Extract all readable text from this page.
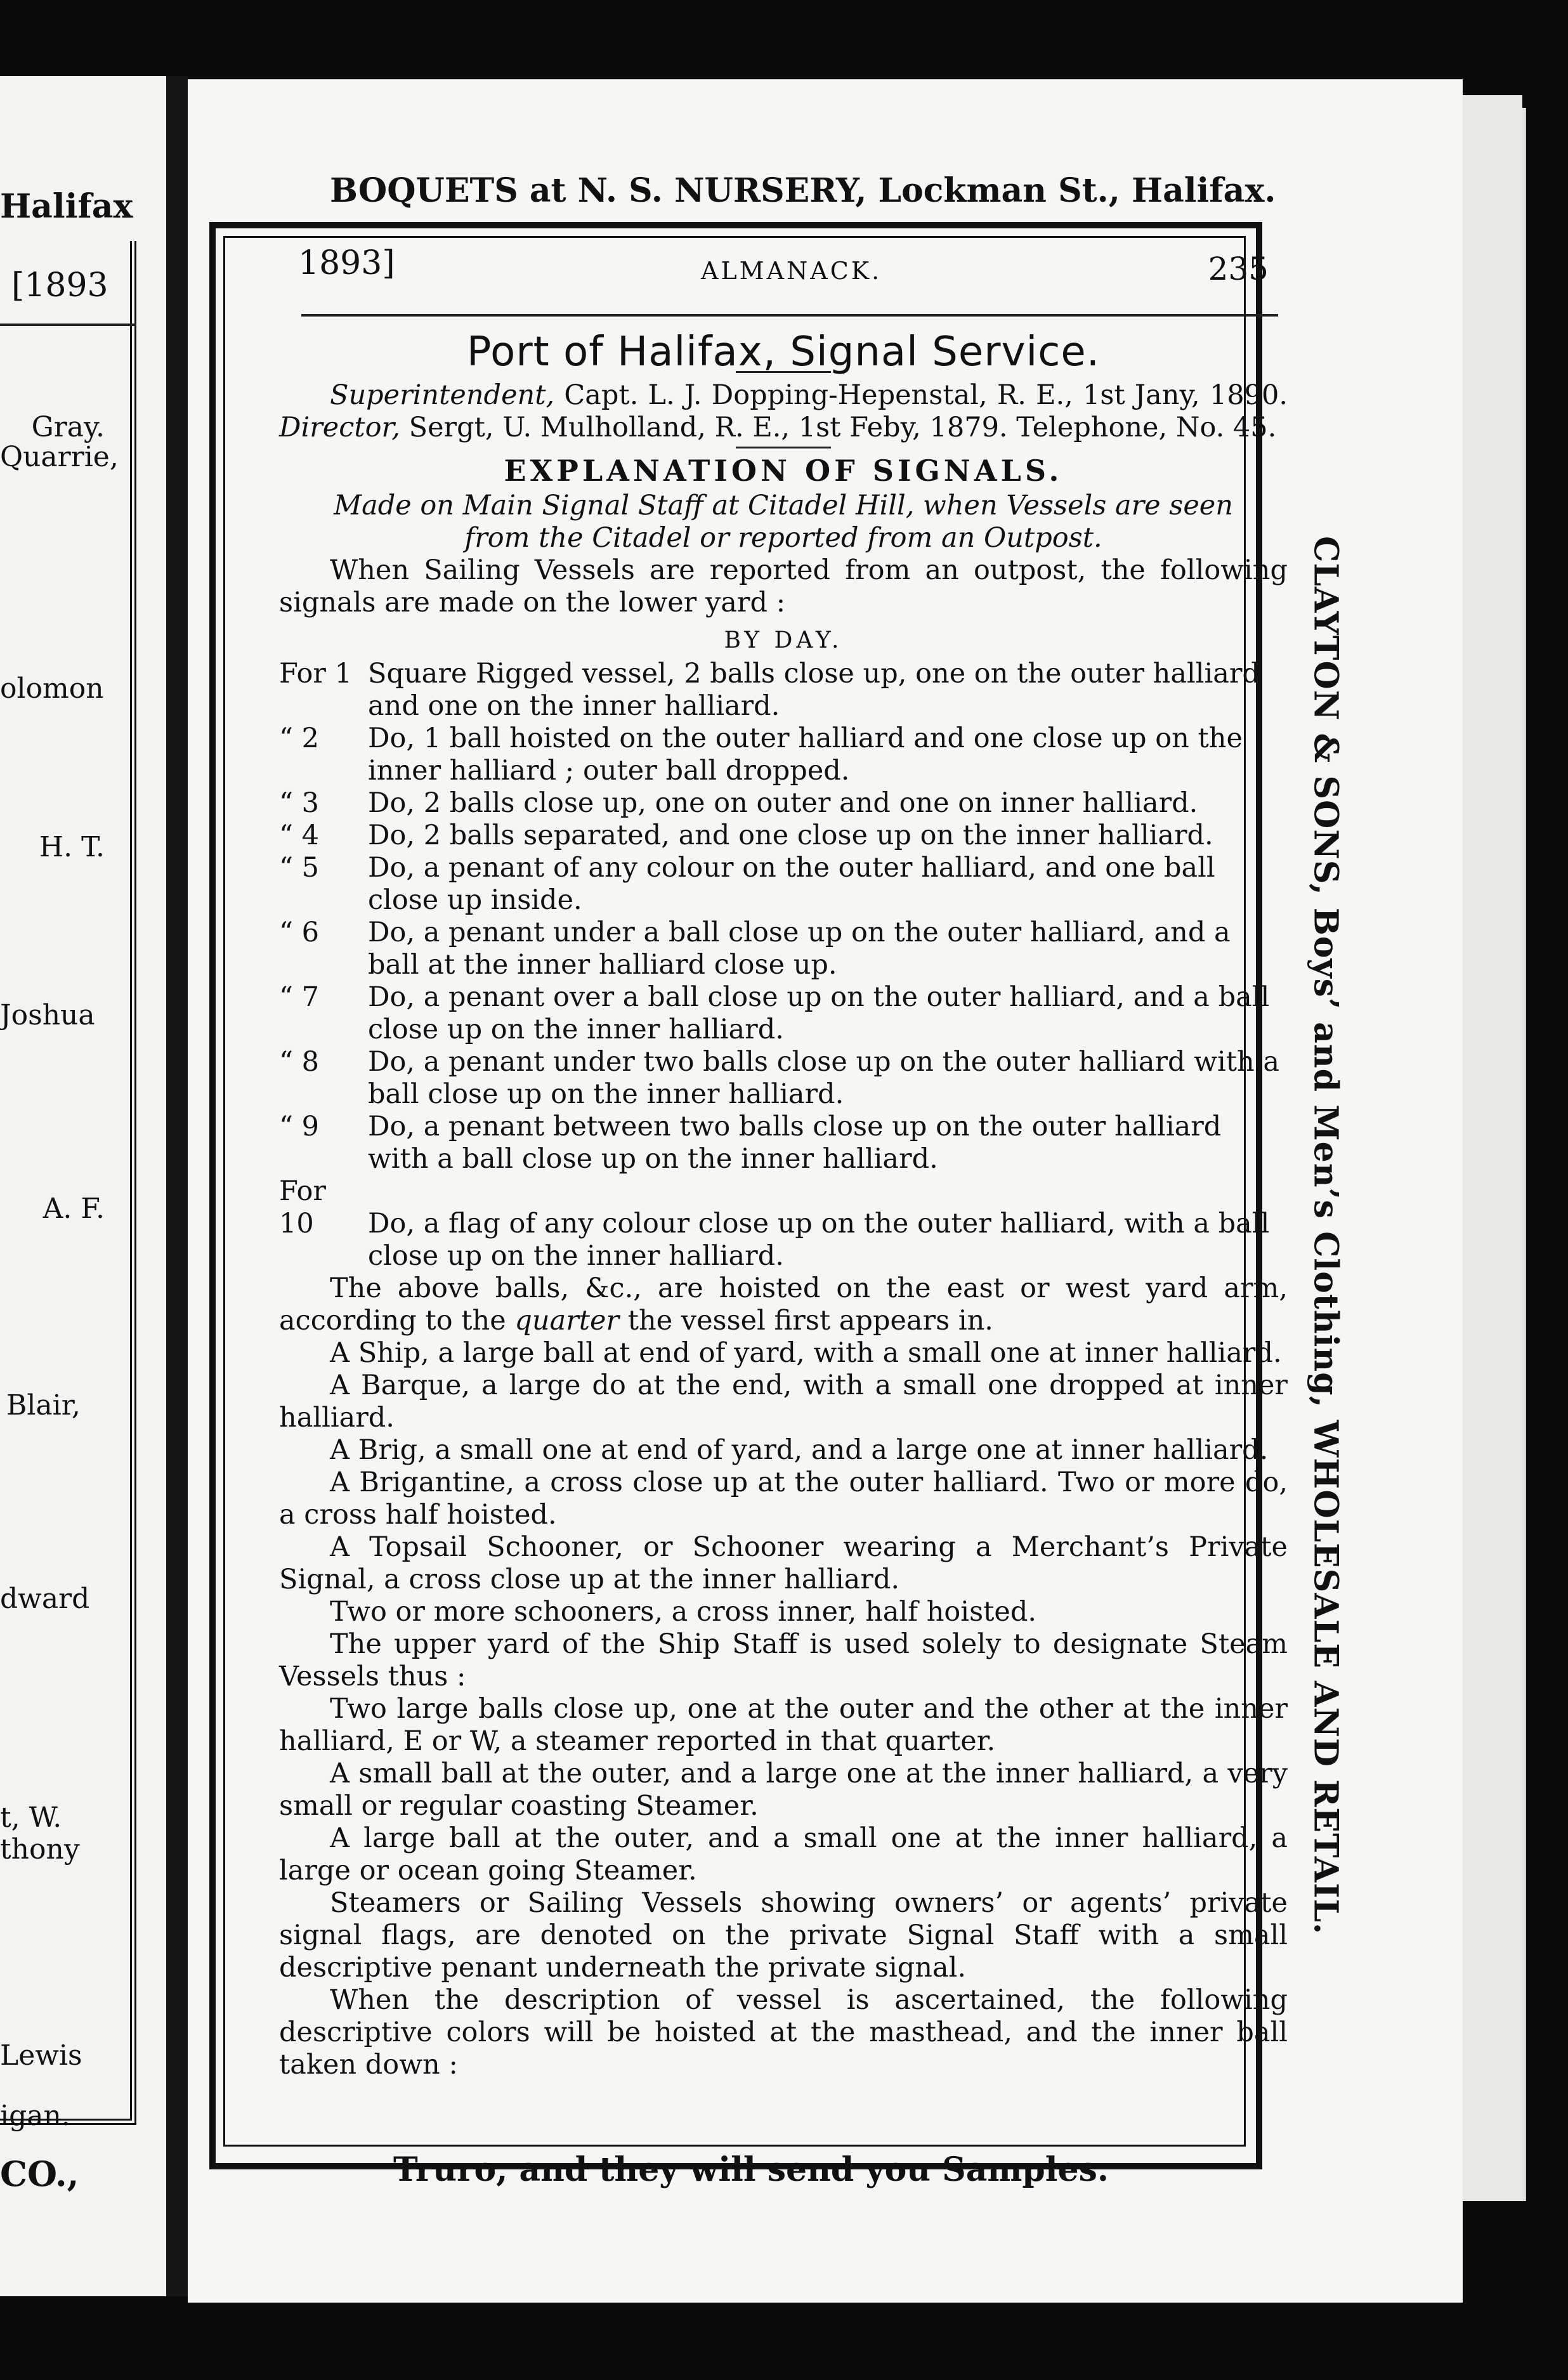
Halifax
[1893
Gray.
Quarrie,
olomon
H. T.
Joshua
A. F.
Blair,
dward
t, W.
thony
Lewis
igan.
CO.,
BOQUETS at N. S. NURSERY, Lockman St., Halifax.
1893]	ALMANACK.	235
Port of Halifax, Signal Service.

Superintendent, Capt. L. J. Dopping-Hepenstal, R. E., 1st Jany, 1890. Director, Sergt, U. Mulholland, R. E., 1st Feby, 1879. Telephone, No. 45.

EXPLANATION OF SIGNALS.

Made on Main Signal Staff at Citadel Hill, when Vessels are seen from the Citadel or reported from an Outpost.

When Sailing Vessels are reported from an outpost, the following signals are made on the lower yard :

BY DAY.

For 1 Square Rigged vessel, 2 balls close up, one on the outer halliard and one on the inner halliard.

“ 2 Do, 1 ball hoisted on the outer halliard and one close up on the inner halliard ; outer ball dropped.

“ 3 Do, 2 balls close up, one on outer and one on inner halliard.

“ 4 Do, 2 balls separated, and one close up on the inner halliard.

“ 5 Do, a penant of any colour on the outer halliard, and one ball close up inside.

“ 6 Do, a penant under a ball close up on the outer halliard, and a ball at the inner halliard close up.

“ 7 Do, a penant over a ball close up on the outer halliard, and a ball close up on the inner halliard.

“ 8 Do, a penant under two balls close up on the outer halliard with a ball close up on the inner halliard.

“ 9 Do, a penant between two balls close up on the outer halliard with a ball close up on the inner halliard.

For 10 Do, a flag of any colour close up on the outer halliard, with a ball close up on the inner halliard.

The above balls, &c., are hoisted on the east or west yard arm, according to the quarter the vessel first appears in.

A Ship, a large ball at end of yard, with a small one at inner halliard.

A Barque, a large do at the end, with a small one dropped at inner halliard.

A Brig, a small one at end of yard, and a large one at inner halliard.

A Brigantine, a cross close up at the outer halliard. Two or more do, a cross half hoisted.

A Topsail Schooner, or Schooner wearing a Merchant’s Private Signal, a cross close up at the inner halliard.

Two or more schooners, a cross inner, half hoisted.

The upper yard of the Ship Staff is used solely to designate Steam Vessels thus :

Two large balls close up, one at the outer and the other at the inner halliard, E or W, a steamer reported in that quarter.

A small ball at the outer, and a large one at the inner halliard, a very small or regular coasting Steamer.

A large ball at the outer, and a small one at the inner halliard, a large or ocean going Steamer.

Steamers or Sailing Vessels showing owners’ or agents’ private signal flags, are denoted on the private Signal Staff with a small descriptive penant underneath the private signal.

When the description of vessel is ascertained, the following descriptive colors will be hoisted at the masthead, and the inner ball taken down :

CLAYTON & SONS, Boys’ and Men’s Clothing, WHOLESALE AND RETAIL.
Truro, and they will send you Samples.
